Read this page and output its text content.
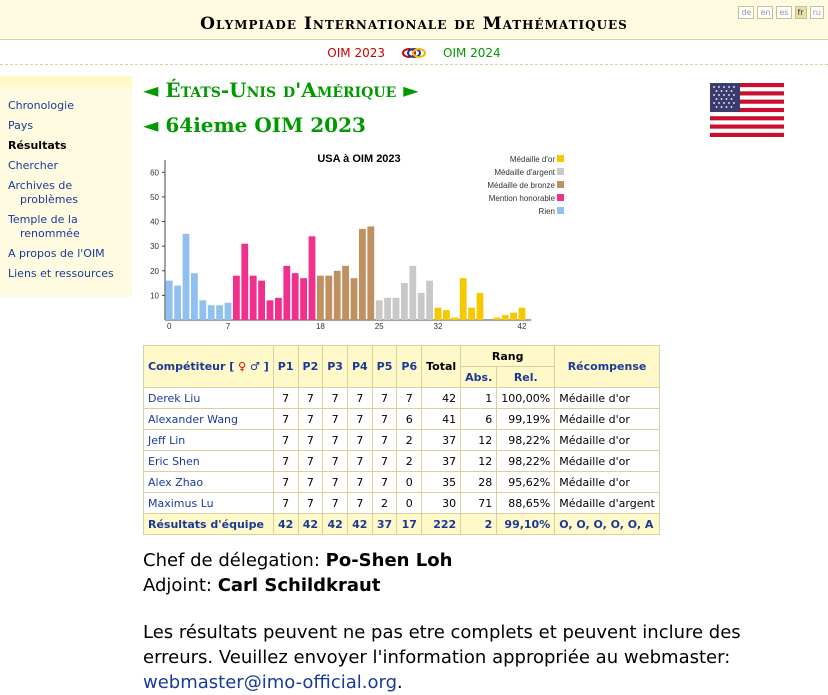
Olympiade Internationale de Mathématiques
de	en	es	fr	ru
OIM 2023	OIM 2024
Chronologie
Pays
Résultats
Chercher
Archives de
problèmes
Temple de la
renommée
A propos de l'OIM
Liens et ressources
◄ États-Unis d'Amérique ►
◄ 64ieme OIM 2023
USA à OIM 2023
10
20
30
40
50
60
0	7	18	25	32	42
Médaille d'or
Médaille d'argent
Médaille de bronze
Mention honorable
Rien
Compétiteur [ ♀ ♂ ]	P1	P2	P3	P4	P5	P6	Total	Rang		Récompense
								Abs.	Rel.	
Derek Liu	7	7	7	7	7	7	42	1	100,00%	Médaille d'or
Alexander Wang	7	7	7	7	7	6	41	6	99,19%	Médaille d'or
Jeff Lin	7	7	7	7	7	2	37	12	98,22%	Médaille d'or
Eric Shen	7	7	7	7	7	2	37	12	98,22%	Médaille d'or
Alex Zhao	7	7	7	7	7	0	35	28	95,62%	Médaille d'or
Maximus Lu	7	7	7	7	2	0	30	71	88,65%	Médaille d'argent
Résultats d'équipe	42	42	42	42	37	17	222	2	99,10%	O, O, O, O, O, A
Chef de délegation: Po-Shen Loh
Adjoint: Carl Schildkraut
Les résultats peuvent ne pas etre complets et peuvent inclure des erreurs. Veuillez envoyer l'information appropriée au webmaster: webmaster@imo-official.org.
